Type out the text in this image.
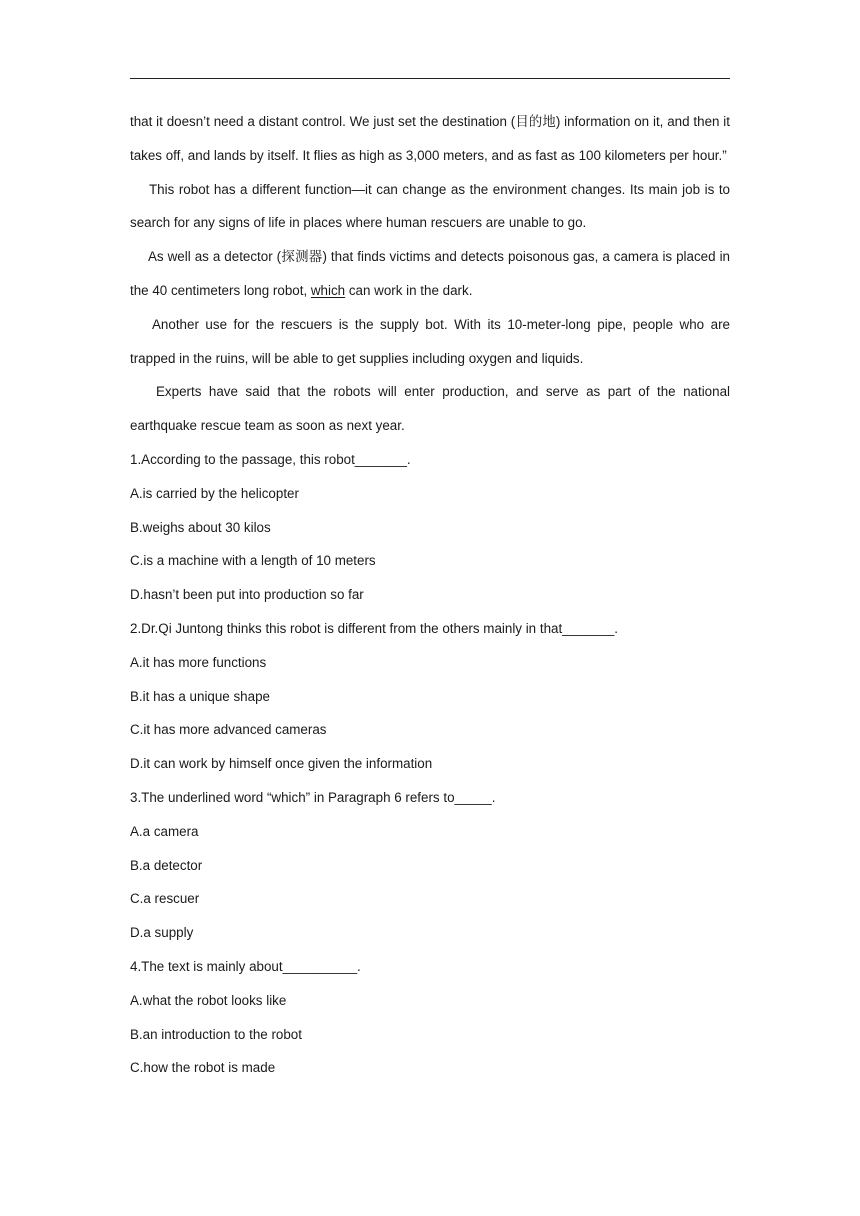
that it doesn’t need a distant control. We just set the destination (目的地) information on it, and then it takes off, and lands by itself. It flies as high as 3,000 meters, and as fast as 100 kilometers per hour.”

This robot has a different function—it can change as the environment changes. Its main job is to search for any signs of life in places where human rescuers are unable to go.

As well as a detector (探测器) that finds victims and detects poisonous gas, a camera is placed in the 40 centimeters long robot, which can work in the dark.

Another use for the rescuers is the supply bot. With its 10-meter-long pipe, people who are trapped in the ruins, will be able to get supplies including oxygen and liquids.

Experts have said that the robots will enter production, and serve as part of the national earthquake rescue team as soon as next year.

1.According to the passage, this robot_______.

A.is carried by the helicopter

B.weighs about 30 kilos

C.is a machine with a length of 10 meters

D.hasn’t been put into production so far

2.Dr.Qi Juntong thinks this robot is different from the others mainly in that_______.

A.it has more functions

B.it has a unique shape

C.it has more advanced cameras

D.it can work by himself once given the information

3.The underlined word “which” in Paragraph 6 refers to_____.

A.a camera

B.a detector

C.a rescuer

D.a supply

4.The text is mainly about__________.

A.what the robot looks like

B.an introduction to the robot

C.how the robot is made
